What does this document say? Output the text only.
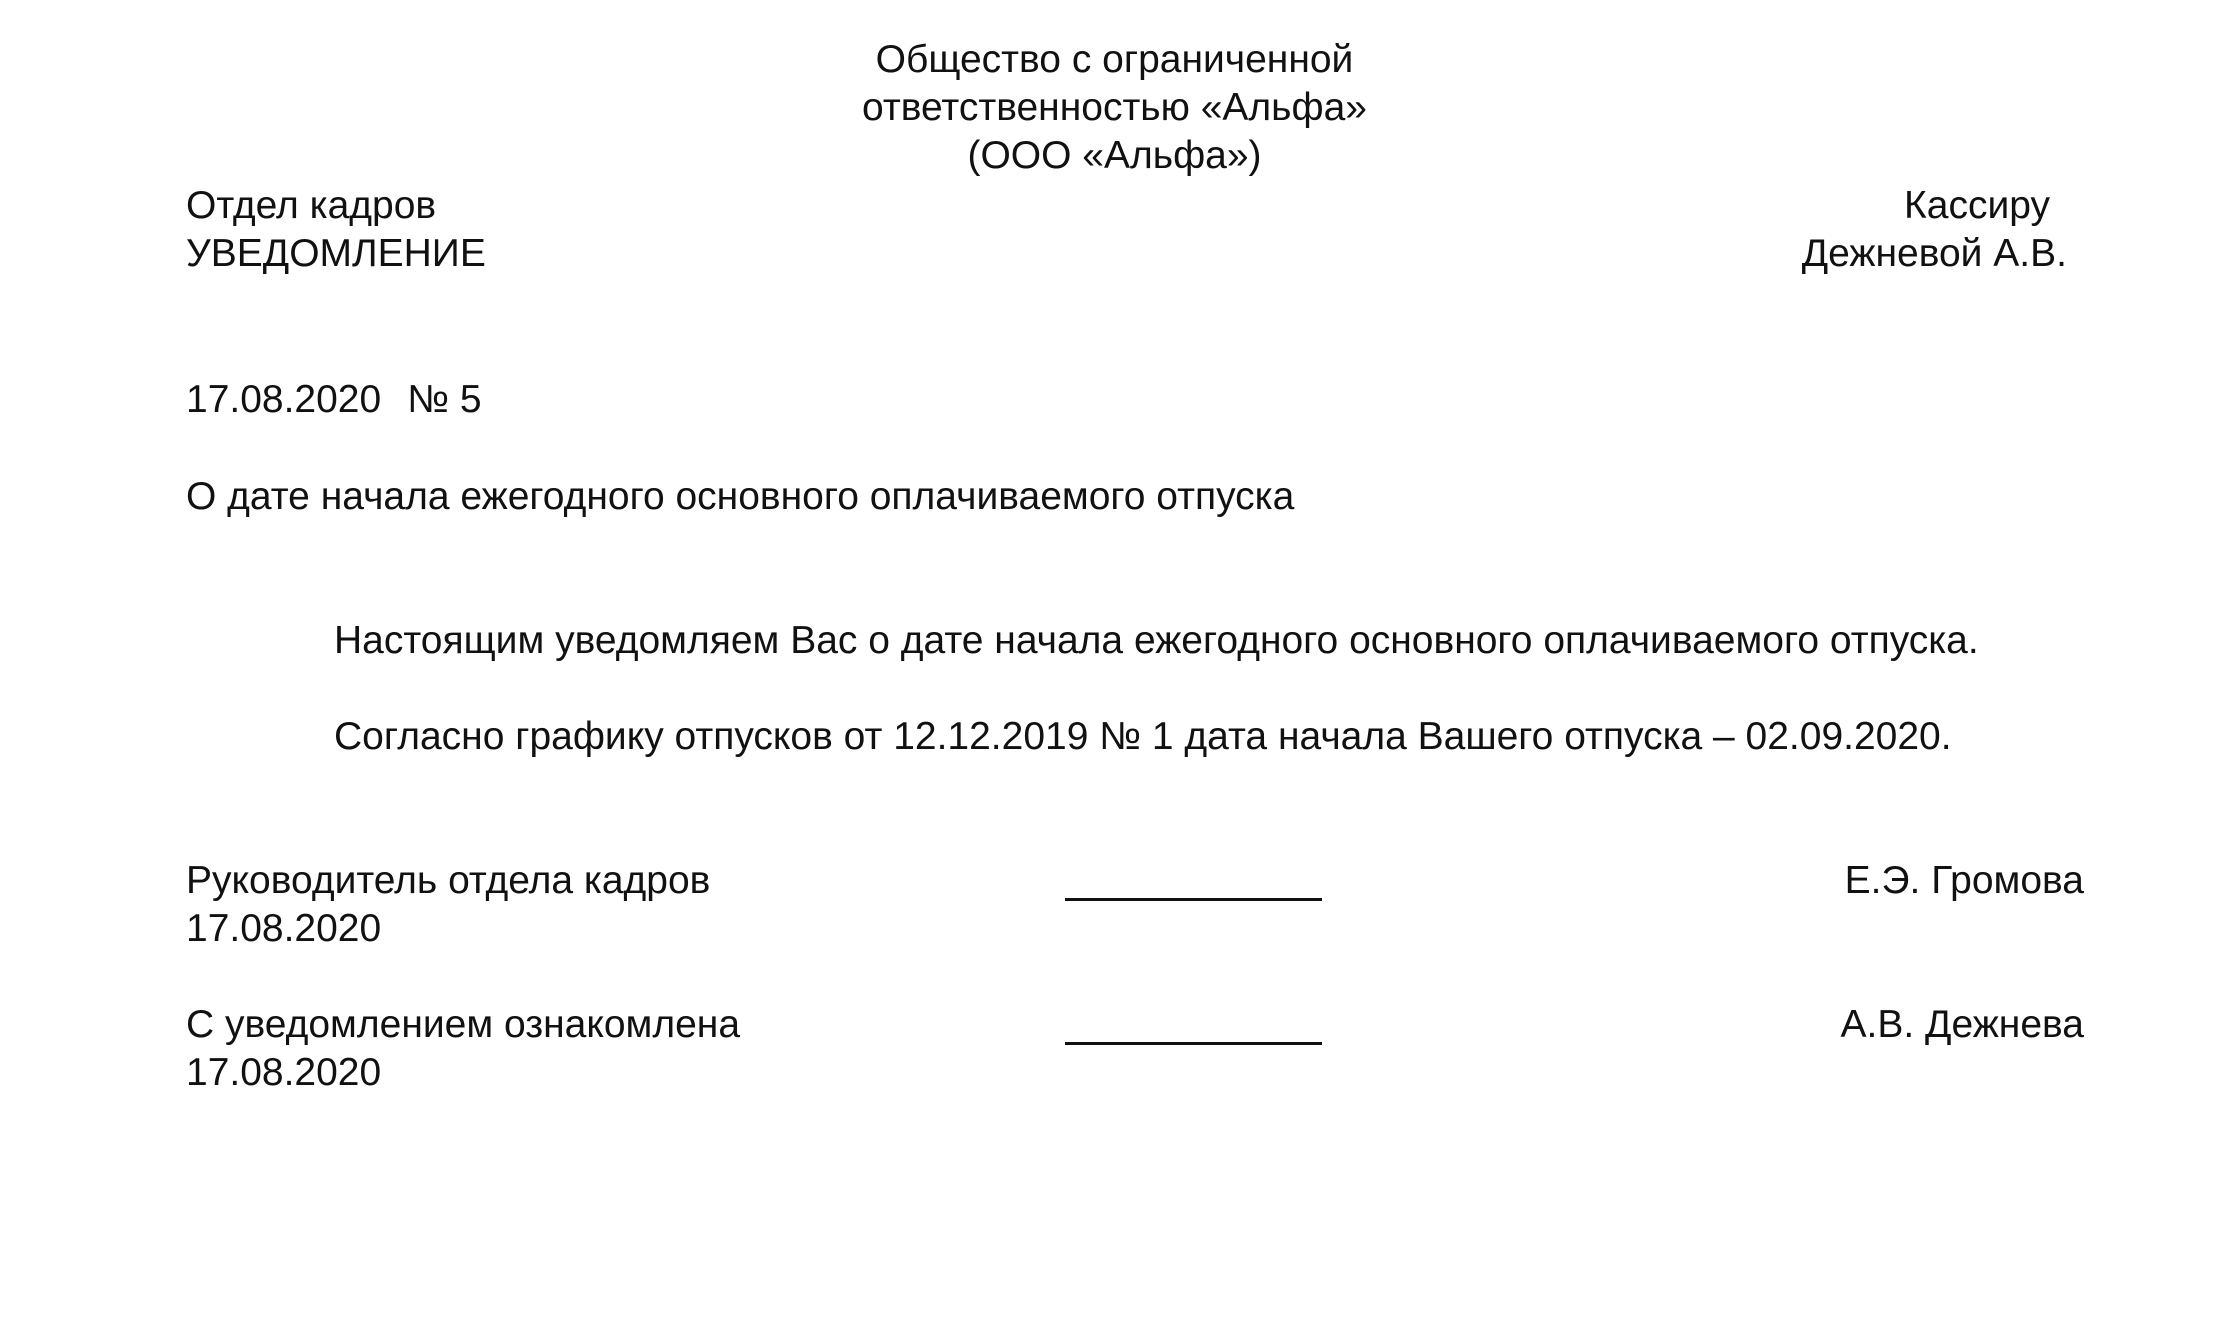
Общество с ограниченной
ответственностью «Альфа»
(ООО «Альфа»)
Отдел кадров
УВЕДОМЛЕНИЕ
Кассиру
Дежневой А.В.
17.08.2020 № 5
О дате начала ежегодного основного оплачиваемого отпуска
Настоящим уведомляем Вас о дате начала ежегодного основного оплачиваемого отпуска.
Согласно графику отпусков от 12.12.2019 № 1 дата начала Вашего отпуска – 02.09.2020.
Руководитель отдела кадров
17.08.2020
Е.Э. Громова
С уведомлением ознакомлена
17.08.2020
А.В. Дежнева
